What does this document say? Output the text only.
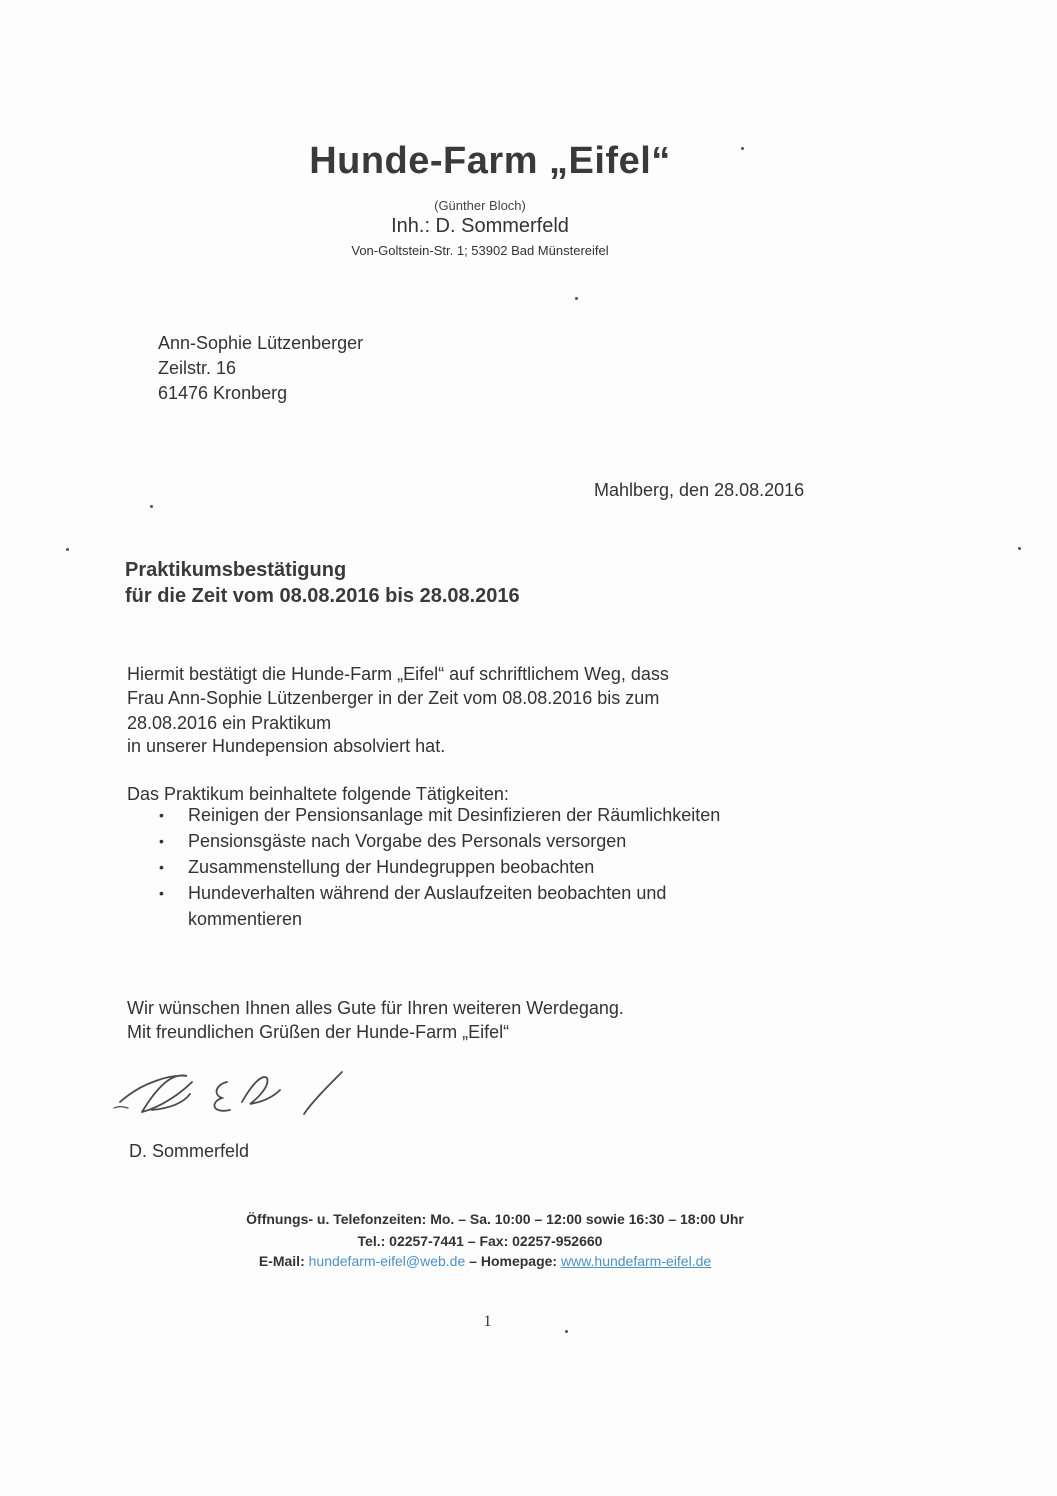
Hunde-Farm „Eifel“
(Günther Bloch)
Inh.: D. Sommerfeld
Von-Goltstein-Str. 1; 53902 Bad Münstereifel
Ann-Sophie Lützenberger
Zeilstr. 16
61476 Kronberg
Mahlberg, den 28.08.2016
Praktikumsbestätigung
für die Zeit vom 08.08.2016 bis 28.08.2016
Hiermit bestätigt die Hunde-Farm „Eifel“ auf schriftlichem Weg, dass
Frau Ann-Sophie Lützenberger in der Zeit vom 08.08.2016 bis zum
28.08.2016 ein Praktikum
in unserer Hundepension absolviert hat.
Das Praktikum beinhaltete folgende Tätigkeiten:
• Reinigen der Pensionsanlage mit Desinfizieren der Räumlichkeiten
• Pensionsgäste nach Vorgabe des Personals versorgen
• Zusammenstellung der Hundegruppen beobachten
• Hundeverhalten während der Auslaufzeiten beobachten und kommentieren
Wir wünschen Ihnen alles Gute für Ihren weiteren Werdegang.
Mit freundlichen Grüßen der Hunde-Farm „Eifel“
D. Sommerfeld
Öffnungs- u. Telefonzeiten: Mo. – Sa. 10:00 – 12:00 sowie 16:30 – 18:00 Uhr
Tel.: 02257-7441 – Fax: 02257-952660
E-Mail: hundefarm-eifel@web.de – Homepage: www.hundefarm-eifel.de
1
